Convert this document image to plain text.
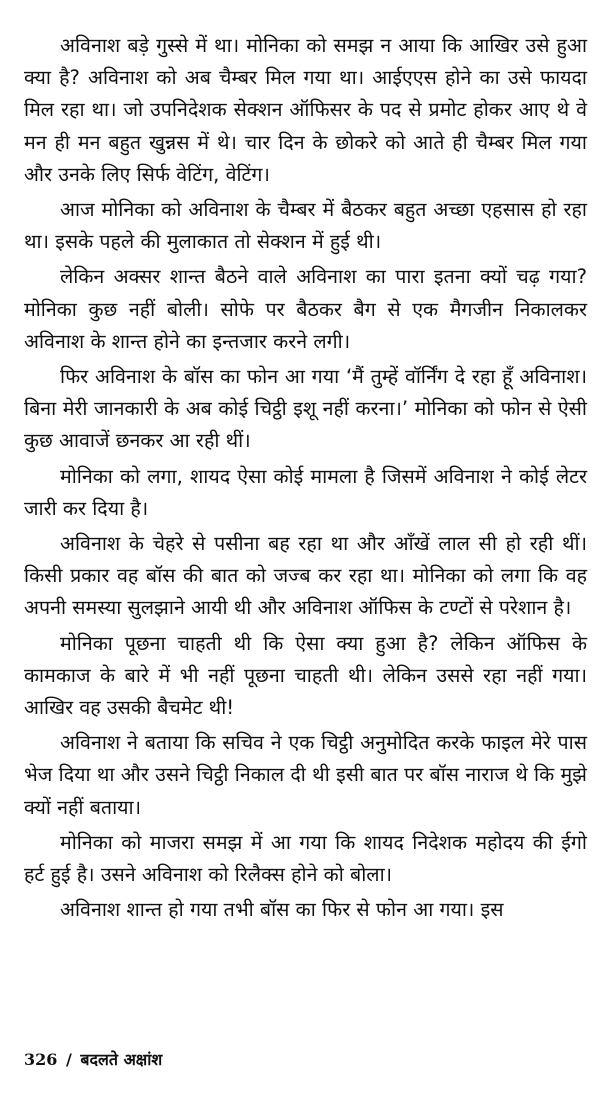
अविनाश बड़े गुस्से में था। मोनिका को समझ न आया कि आखिर उसे हुआ क्या है? अविनाश को अब चैम्बर मिल गया था। आईएएस होने का उसे फायदा मिल रहा था। जो उपनिदेशक सेक्शन ऑफिसर के पद से प्रमोट होकर आए थे वे मन ही मन बहुत खुन्नस में थे। चार दिन के छोकरे को आते ही चैम्बर मिल गया और उनके लिए सिर्फ वेटिंग, वेटिंग।

आज मोनिका को अविनाश के चैम्बर में बैठकर बहुत अच्छा एहसास हो रहा था। इसके पहले की मुलाकात तो सेक्शन में हुई थी।

लेकिन अक्सर शान्त बैठने वाले अविनाश का पारा इतना क्यों चढ़ गया? मोनिका कुछ नहीं बोली। सोफे पर बैठकर बैग से एक मैगजीन निकालकर अविनाश के शान्त होने का इन्तजार करने लगी।

फिर अविनाश के बॉस का फोन आ गया ‘मैं तुम्हें वॉर्निंग दे रहा हूँ अविनाश। बिना मेरी जानकारी के अब कोई चिट्ठी इशू नहीं करना।’ मोनिका को फोन से ऐसी कुछ आवाजें छनकर आ रही थीं।

मोनिका को लगा, शायद ऐसा कोई मामला है जिसमें अविनाश ने कोई लेटर जारी कर दिया है।

अविनाश के चेहरे से पसीना बह रहा था और आँखें लाल सी हो रही थीं। किसी प्रकार वह बॉस की बात को जज्ब कर रहा था। मोनिका को लगा कि वह अपनी समस्या सुलझाने आयी थी और अविनाश ऑफिस के टण्टों से परेशान है।

मोनिका पूछना चाहती थी कि ऐसा क्या हुआ है? लेकिन ऑफिस के कामकाज के बारे में भी नहीं पूछना चाहती थी। लेकिन उससे रहा नहीं गया। आखिर वह उसकी बैचमेट थी!

अविनाश ने बताया कि सचिव ने एक चिट्ठी अनुमोदित करके फाइल मेरे पास भेज दिया था और उसने चिट्ठी निकाल दी थी इसी बात पर बॉस नाराज थे कि मुझे क्यों नहीं बताया।

मोनिका को माजरा समझ में आ गया कि शायद निदेशक महोदय की ईगो हर्ट हुई है। उसने अविनाश को रिलैक्स होने को बोला।

अविनाश शान्त हो गया तभी बॉस का फिर से फोन आ गया। इस

326 / बदलते अक्षांश
